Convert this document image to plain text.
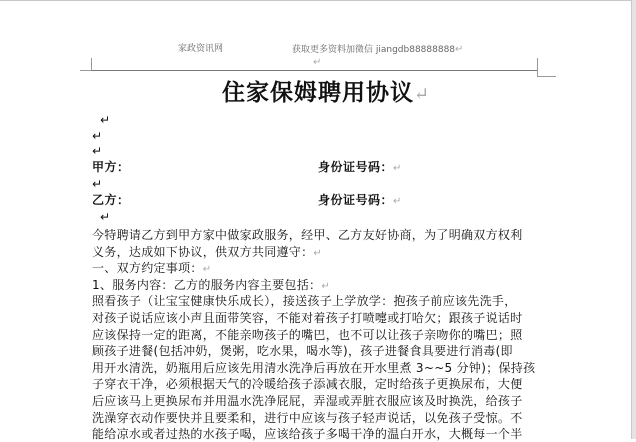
家政资讯网	获取更多资料加微信 jiangdb88888888↵
↵
住家保姆聘用协议↵
↵
↵
↵
甲方：	身份证号码：↵
↵
乙方：	身份证号码：↵
↵
今特聘请乙方到甲方家中做家政服务，经甲、乙方友好协商，为了明确双方权利
义务，达成如下协议，供双方共同遵守：↵
一、双方约定事项：↵
1、服务内容：乙方的服务内容主要包括：↵
照看孩子（让宝宝健康快乐成长），接送孩子上学放学：抱孩子前应该先洗手，
对孩子说话应该小声且面带笑容，不能对着孩子打喷嚏或打哈欠；跟孩子说话时
应该保持一定的距离，不能亲吻孩子的嘴巴，也不可以让孩子亲吻你的嘴巴；照
顾孩子进餐(包括冲奶，煲粥，吃水果，喝水等)，孩子进餐食具要进行消毒(即
用开水清洗，奶瓶用后应该先用清水洗净后再放在开水里煮 3~~5 分钟)；保持孩
子穿衣干净，必须根据天气的冷暖给孩子添减衣服，定时给孩子更换尿布，大便
后应该马上更换尿布并用温水洗净屁屁，弄湿或弄脏衣服应该及时换洗，给孩子
洗澡穿衣动作要快并且要柔和，进行中应该与孩子轻声说话，以免孩子受惊。不
能给凉水或者过热的水孩子喝，应该给孩子多喝干净的温白开水，大概每一个半
